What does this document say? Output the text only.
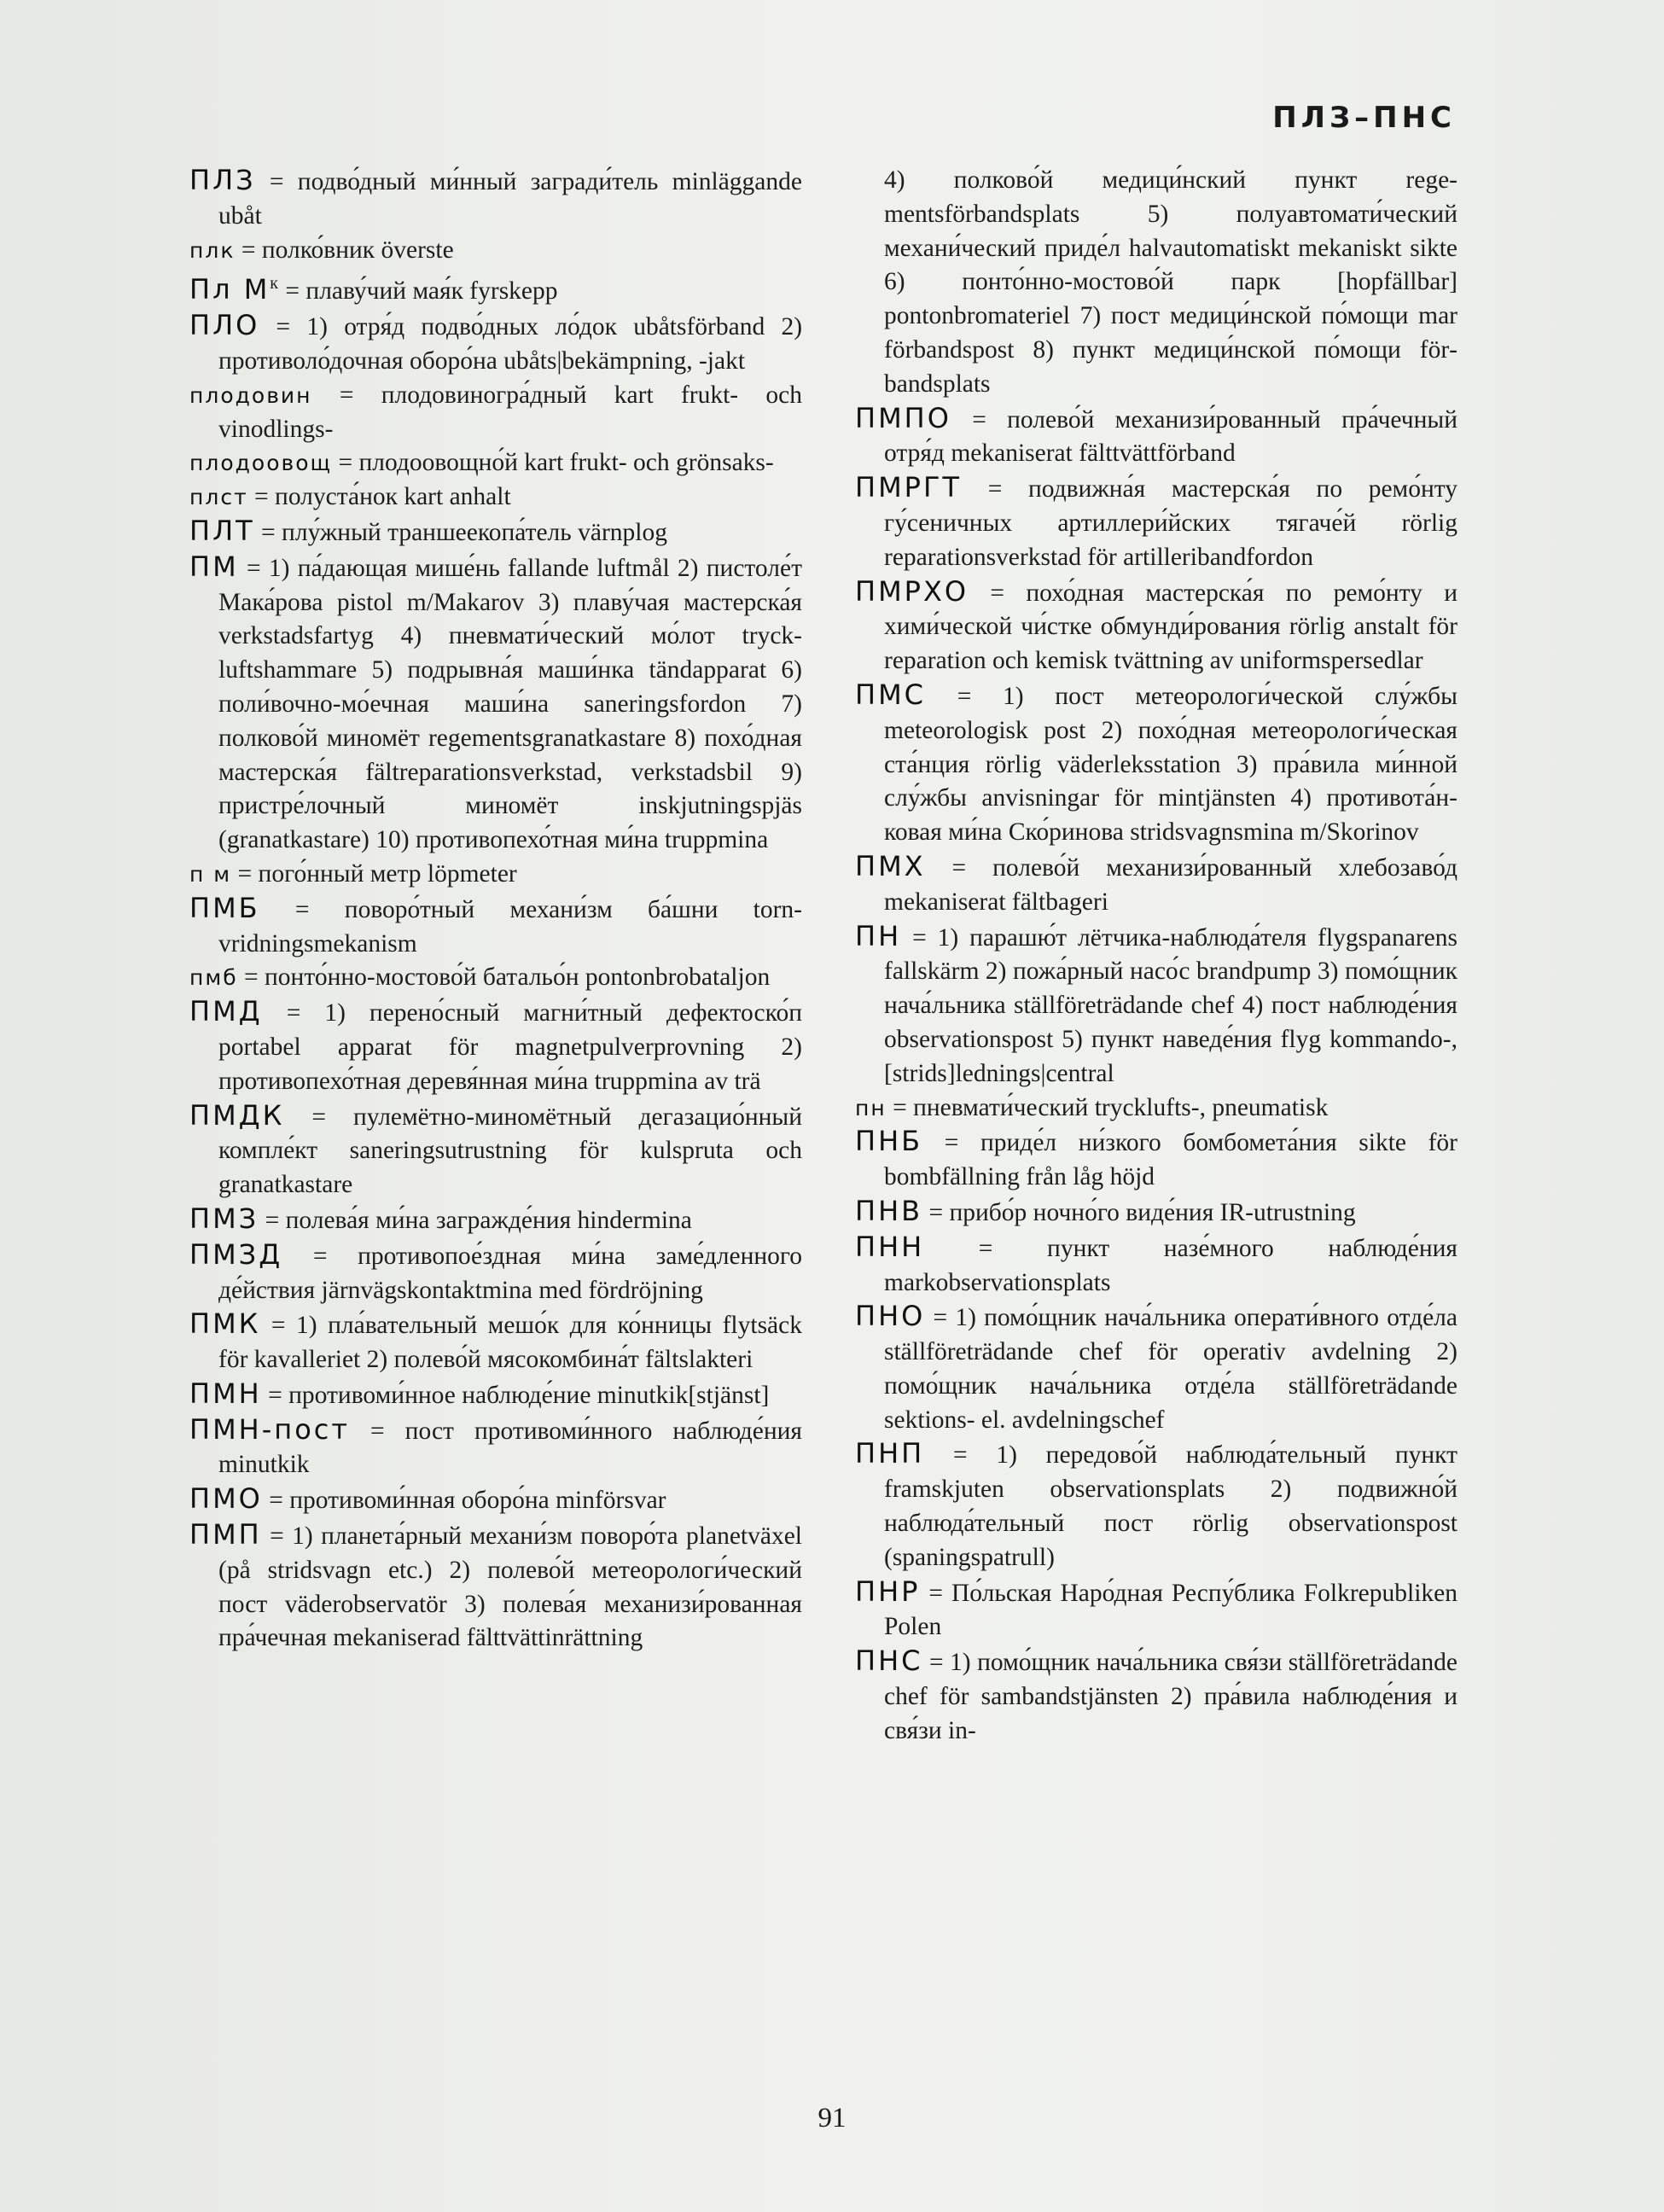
ПЛЗ–ПНС

ПЛЗ = подво́дный ми́нный загради́тель minläggande ubåt

плк = полко́вник överste

Пл $М^к$ = плаву́чий мая́к fyrskepp

ПЛО = 1) отря́д подво́дных ло́док ubåtsförband 2) противоло́дочная оборо́на ubåts|bekämpning, -jakt

плодовин = плодовиногра́дный kart frukt- och vinodlings-

плодоовощ = плодоовощно́й kart frukt- och grönsaks-

плст = полуста́нок kart anhalt

ПЛТ = плу́жный траншеекопа́тель värnplog

ПМ = 1) па́дающая мише́нь fallande luftmål 2) пистоле́т Мака́рова pistol m/Makarov 3) плаву́чая мастерска́я verkstadsfartyg 4) пневмати́ческий мо́лот tryckluftshammare 5) подрывна́я маши́нка tändapparat 6) поли́вочно-мо́ечная маши́на saneringsfordon 7) полково́й миномёт regementsgranatkastare 8) похо́дная мастерска́я fältreparationsverkstad, verkstadsbil 9) пристре́лочный миномёт inskjutningspjäs (granatkastare) 10) противопехо́тная ми́на truppmina

п м = пого́нный метр löpmeter

ПМБ = поворо́тный механи́зм ба́шни tornvridningsmekanism

пмб = понто́нно-мостово́й батальо́н pontonbrobataljon

ПМД = 1) перено́сный магни́тный дефектоско́п portabel apparat för magnetpulverprovning 2) противопехо́тная деревя́нная ми́на truppmina av trä

ПМДК = пулемётно-миномётный дегазацио́нный компле́кт saneringsutrustning för kulspruta och granatkastare

ПМЗ = полева́я ми́на загражде́ния hindermina

ПМЗД = противопое́здная ми́на заме́дленного де́йствия järnvägskontaktmina med fördröjning

ПМК = 1) пла́вательный мешо́к для ко́нницы flytsäck för kavalleriet 2) полево́й мясокомбина́т fältslakteri

ПМН = противоми́нное наблюде́ние minutkik[stjänst]

ПМН-пост = пост противоми́нного наблюде́ния minutkik

ПМО = противоми́нная оборо́на minförsvar

ПМП = 1) планета́рный механи́зм поворо́та planetväxel (på stridsvagn etc.) 2) полево́й метеорологи́ческий пост väderobservatör 3) полева́я механизи́рованная пра́чечная mekaniserad fälttvättinrättning

4) полково́й медици́нский пункт regementsförbandsplats 5) полуавтомати́ческий механи́ческий приде́л halvautomatiskt mekaniskt sikte 6) понто́нно-мостово́й парк [hopfällbar] pontonbromateriel 7) пост медици́нской по́мощи mar förbandspost 8) пункт медици́нской по́мощи förbandsplats

ПМПО = полево́й механизи́рованный пра́чечный отря́д mekaniserat fälttvättförband

ПМРГТ = подвижна́я мастерска́я по ремо́нту гу́сеничных артиллери́йских тягаче́й rörlig reparationsverkstad för artilleribandfordon

ПМРХО = похо́дная мастерска́я по ремо́нту и хими́ческой чи́стке обмунди́рования rörlig anstalt för reparation och kemisk tvättning av uniformspersedlar

ПМС = 1) пост метеорологи́ческой слу́жбы meteorologisk post 2) похо́дная метеорологи́ческая ста́нция rörlig väderleksstation 3) пра́вила ми́нной слу́жбы anvisningar för mintjänsten 4) противота́нковая ми́на Ско́ринова stridsvagnsmina m/Skorinov

ПМХ = полево́й механизи́рованный хлебозаво́д mekaniserat fältbageri

ПН = 1) парашю́т лётчика-наблюда́теля flygspanarens fallskärm 2) пожа́рный насо́с brandpump 3) помо́щник нача́льника ställföreträdande chef 4) пост наблюде́ния observationspost 5) пункт наведе́ния flyg kommando-, [strids]lednings|central

пн = пневмати́ческий trycklufts-, pneumatisk

ПНБ = приде́л ни́зкого бомбомета́ния sikte för bombfällning från låg höjd

ПНВ = прибо́р ночно́го виде́ния IR-utrustning

ПНН = пункт назе́много наблюде́ния markobservationsplats

ПНО = 1) помо́щник нача́льника операти́вного отде́ла ställföreträdande chef för operativ avdelning 2) помо́щник нача́льника отде́ла ställföreträdande sektions- el. avdelningschef

ПНП = 1) передово́й наблюда́тельный пункт framskjuten observationsplats 2) подвижно́й наблюда́тельный пост rörlig observationspost (spaningspatrull)

ПНР = По́льская Наро́дная Респу́блика Folkrepubliken Polen

ПНС = 1) помо́щник нача́льника свя́зи ställföreträdande chef för sambandstjänsten 2) пра́вила наблюде́ния и свя́зи in-

91
